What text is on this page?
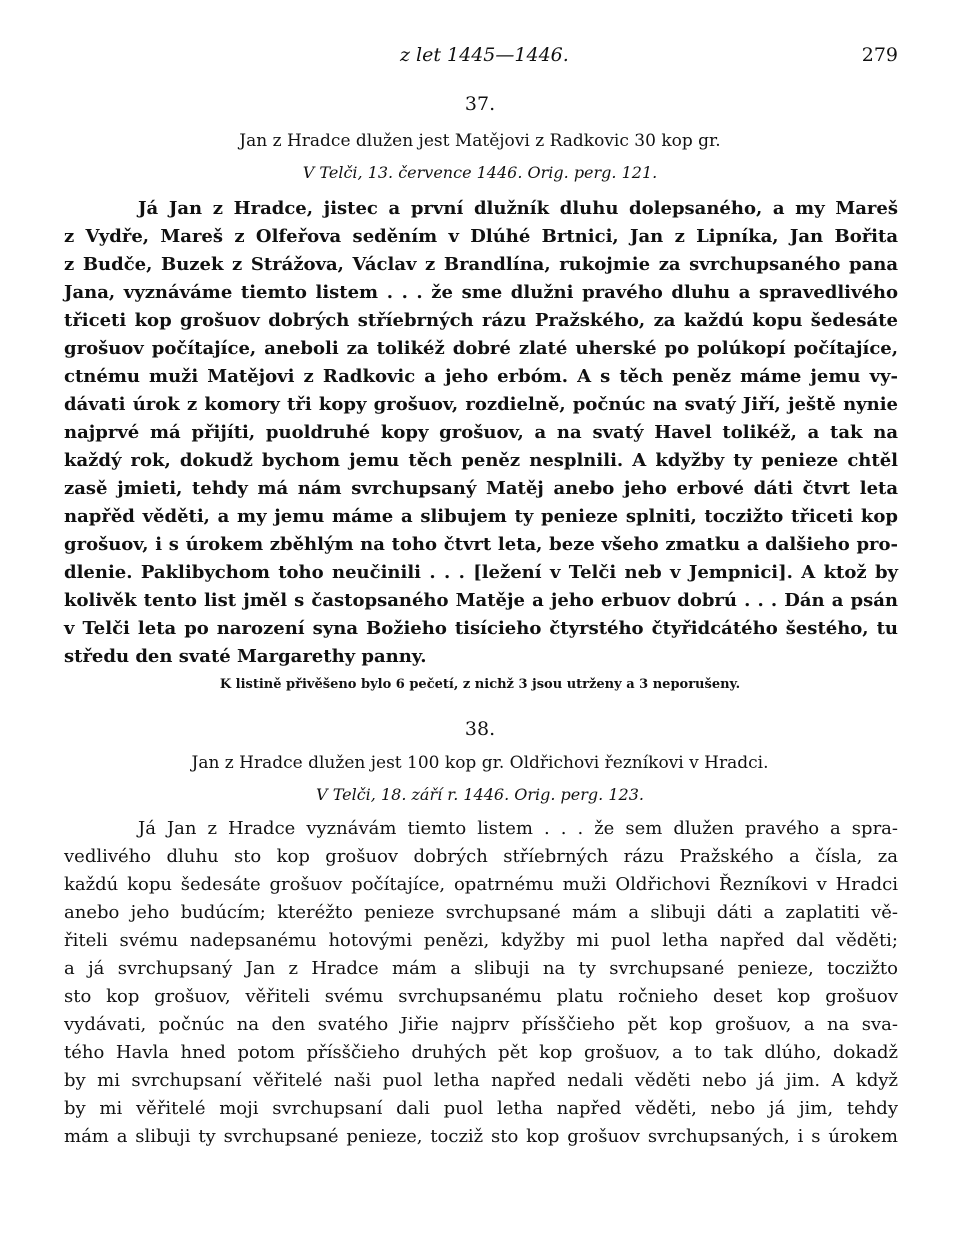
z let 1445—1446.	279
37.
Jan z Hradce dlužen jest Matějovi z Radkovic 30 kop gr.
V Telči, 13. července 1446. Orig. perg. 121.
Já Jan z Hradce, jistec a první dlužník dluhu dolepsaného, a my Mareš
z Vydře, Mareš z Olfeřova seděním v Dlúhé Brtnici, Jan z Lipníka, Jan Bořita
z Budče, Buzek z Strážova, Václav z Brandlína, rukojmie za svrchupsaného pana
Jana, vyznáváme tiemto listem . . . že sme dlužni pravého dluhu a spravedlivého
třiceti kop grošuov dobrých stříebrných rázu Pražského, za každú kopu šedesáte
grošuov počítajíce, aneboli za tolikéž dobré zlaté uherské po polúkopí počítajíce,
ctnému muži Matějovi z Radkovic a jeho erbóm. A s těch peněz máme jemu vy-
dávati úrok z komory tři kopy grošuov, rozdielně, počnúc na svatý Jiří, ještě nynie
najprvé má přijíti, puoldruhé kopy grošuov, a na svatý Havel tolikéž, a tak na
každý rok, dokudž bychom jemu těch peněz nesplnili. A kdyžby ty penieze chtěl
zasě jmieti, tehdy má nám svrchupsaný Matěj anebo jeho erbové dáti čtvrt leta
napřěd věděti, a my jemu máme a slibujem ty penieze splniti, toczižto třiceti kop
grošuov, i s úrokem zběhlým na toho čtvrt leta, beze všeho zmatku a dalšieho pro-
dlenie. Paklibychom toho neučinili . . . [ležení v Telči neb v Jempnici]. A ktož by
kolivěk tento list jměl s častopsaného Matěje a jeho erbuov dobrú . . . Dán a psán
v Telči leta po narození syna Božieho tisícieho čtyrstého čtyřidcátého šestého, tu
středu den svaté Margarethy panny.
K listině přivěšeno bylo 6 pečetí, z nichž 3 jsou utrženy a 3 neporušeny.
38.
Jan z Hradce dlužen jest 100 kop gr. Oldřichovi řezníkovi v Hradci.
V Telči, 18. září r. 1446. Orig. perg. 123.
Já Jan z Hradce vyznávám tiemto listem . . . že sem dlužen pravého a spra-
vedlivého dluhu sto kop grošuov dobrých stříebrných rázu Pražského a čísla, za
každú kopu šedesáte grošuov počítajíce, opatrnému muži Oldřichovi Řezníkovi v Hradci
anebo jeho budúcím; kteréžto penieze svrchupsané mám a slibuji dáti a zaplatiti vě-
řiteli svému nadepsanému hotovými penězi, kdyžby mi puol letha napřed dal věděti;
a já svrchupsaný Jan z Hradce mám a slibuji na ty svrchupsané penieze, toczižto
sto kop grošuov, věřiteli svému svrchupsanému platu ročnieho deset kop grošuov
vydávati, počnúc na den svatého Jiřie najprv přísščieho pět kop grošuov, a na sva-
tého Havla hned potom přísščieho druhých pět kop grošuov, a to tak dlúho, dokadž
by mi svrchupsaní věřitelé naši puol letha napřed nedali věděti nebo já jim. A když
by mi věřitelé moji svrchupsaní dali puol letha napřed věděti, nebo já jim, tehdy
mám a slibuji ty svrchupsané penieze, tocziž sto kop grošuov svrchupsaných, i s úrokem
